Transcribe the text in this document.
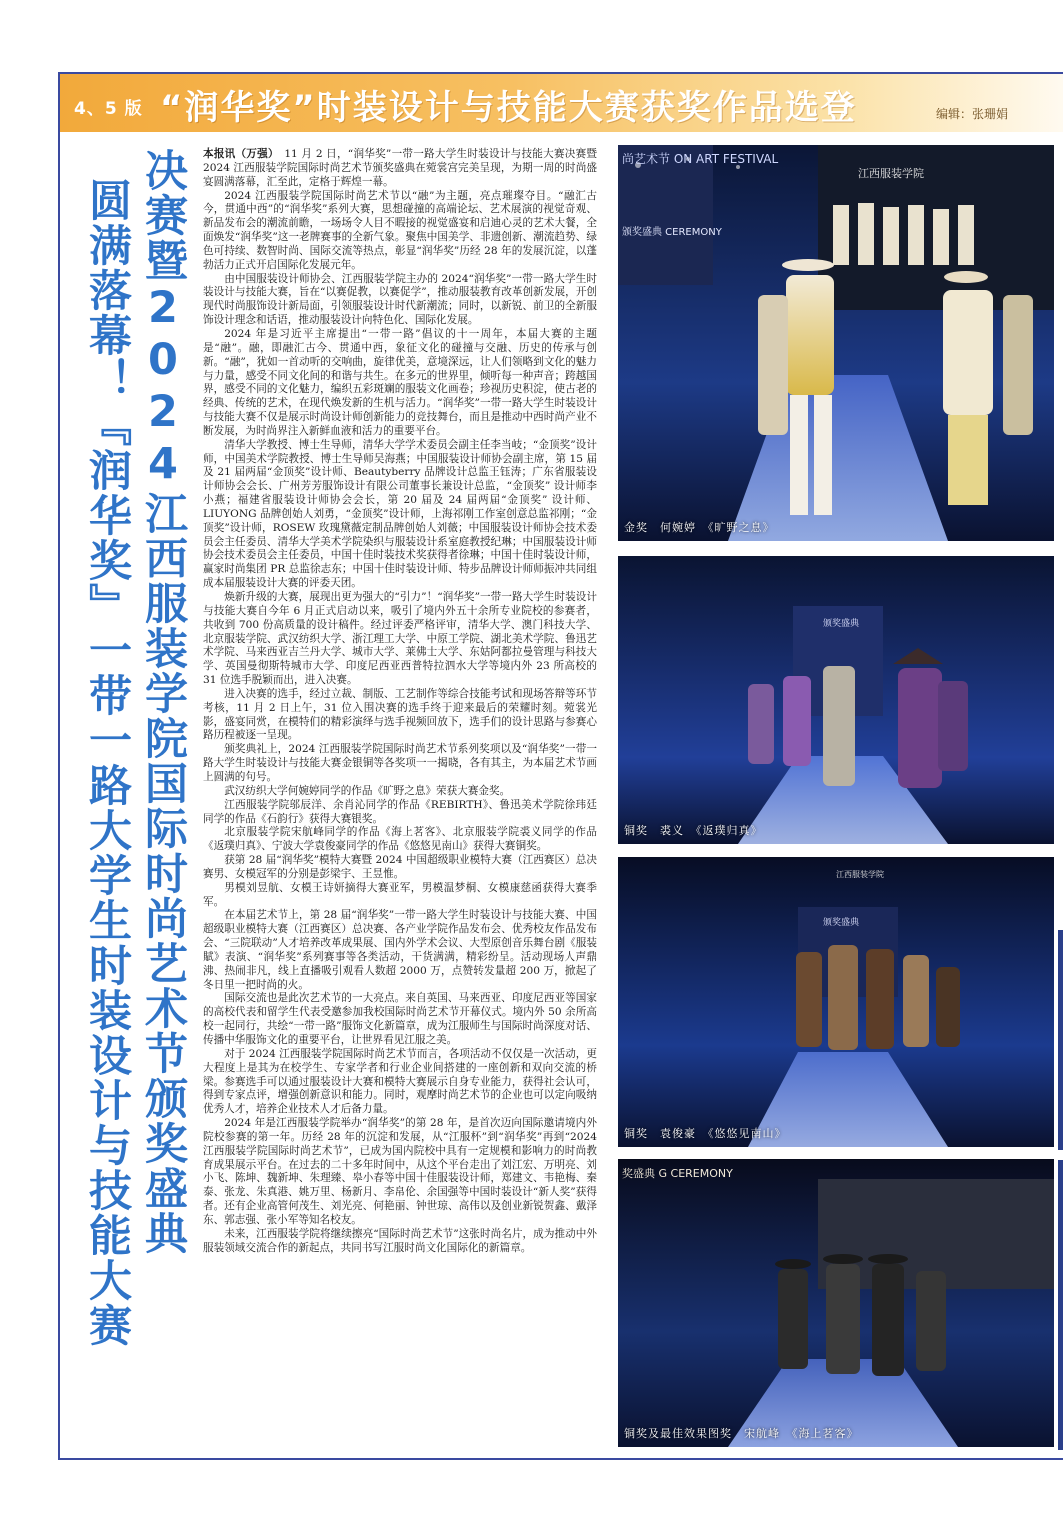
4、5 版 “润华奖”时装设计与技能大赛获奖作品选登	编辑：张珊娟
决赛暨2024江西服装学院国际时尚艺术节颁奖盛典
圆满落幕！『润华奖』一带一路大学生时装设计与技能大赛

本报讯（万强）　 11 月 2 日，“润华奖”一带一路大学生时装设计与技能大赛决赛暨 2024 江西服装学院国际时尚艺术节颁奖盛典在菀裳宫完美呈现，为期一周的时尚盛宴圆满落幕，汇至此，定格于辉煌一幕。

2024 江西服装学院国际时尚艺术节以“融”为主题，亮点璀璨夺目。“融汇古今，贯通中西”的“润华奖”系列大赛，思想碰撞的高端论坛、艺术展演的视觉奇观、新品发布会的潮流前瞻，一场场令人目不暇接的视觉盛宴和启迪心灵的艺术大餐，全面焕发“润华奖”这一老牌赛事的全新气象。聚焦中国美学、非遗创新、潮流趋势、绿色可持续、数智时尚、国际交流等热点，彰显“润华奖”历经 28 年的发展沉淀，以蓬勃活力正式开启国际化发展元年。

由中国服装设计师协会、江西服装学院主办的 2024“润华奖”一带一路大学生时装设计与技能大赛，旨在“以赛促教，以赛促学”，推动服装教育改革创新发展，开创现代时尚服饰设计新局面，引领服装设计时代新潮流；同时，以新锐、前卫的全新服饰设计理念和话语，推动服装设计向特色化、国际化发展。

2024 年是习近平主席提出“一带一路”倡议的十一周年，本届大赛的主题是“融”。融，即融汇古今、贯通中西，象征文化的碰撞与交融、历史的传承与创新。“融”，犹如一首动听的交响曲，旋律优美，意境深远，让人们领略到文化的魅力与力量，感受不同文化间的和谐与共生。在多元的世界里，倾听每一种声音；跨越国界，感受不同的文化魅力，编织五彩斑斓的服装文化画卷；珍视历史积淀，使古老的经典、传统的艺术，在现代焕发新的生机与活力。“润华奖”一带一路大学生时装设计与技能大赛不仅是展示时尚设计师创新能力的竞技舞台，而且是推动中西时尚产业不断发展，为时尚界注入新鲜血液和活力的重要平台。

清华大学教授、博士生导师，清华大学学术委员会副主任李当岐；“金顶奖”设计师，中国美术学院教授、博士生导师吴海燕；中国服装设计师协会副主席，第 15 届及 21 届两届“金顶奖”设计师、Beautyberry 品牌设计总监王钰涛；广东省服装设计师协会会长、广州芳芳服饰设计有限公司董事长兼设计总监，“金顶奖” 设计师李小燕；福建省服装设计师协会会长，第 20 届及 24 届两届“金顶奖” 设计师、LIUYONG 品牌创始人刘勇，“金顶奖”设计师，上海祁刚工作室创意总监祁刚；“金顶奖”设计师，ROSEW 玫瑰黛薇定制品牌创始人刘薇；中国服装设计师协会技术委员会主任委员、清华大学美术学院染织与服装设计系室庭教授纪琳；中国服装设计师协会技术委员会主任委员，中国十佳时装技术奖获得者徐琳；中国十佳时装设计师，赢家时尚集团 PR 总监徐志东；中国十佳时装设计师、特步品牌设计师师振冲共同组成本届服装设计大赛的评委天团。

焕新升级的大赛，展现出更为强大的“引力”！“润华奖”一带一路大学生时装设计与技能大赛自今年 6 月正式启动以来，吸引了境内外五十余所专业院校的参赛者，共收到 700 份高质量的设计稿件。经过评委严格评审，清华大学、澳门科技大学、北京服装学院、武汉纺织大学、浙江理工大学、中原工学院、湖北美术学院、鲁迅艺术学院、马来西亚吉兰丹大学、城市大学、莱佛士大学、东姑阿都拉曼管理与科技大学、英国曼彻斯特城市大学、印度尼西亚西普特拉泗水大学等境内外 23 所高校的 31 位选手脱颖而出，进入决赛。

进入决赛的选手，经过立裁、制版、工艺制作等综合技能考试和现场答辩等环节考核，11 月 2 日上午，31 位入围决赛的选手终于迎来最后的荣耀时刻。菀裳光影，盛宴同赏，在模特们的精彩演绎与选手视频回放下，选手们的设计思路与参赛心路历程被逐一呈现。

颁奖典礼上，2024 江西服装学院国际时尚艺术节系列奖项以及“润华奖”一带一路大学生时装设计与技能大赛金银铜等各奖项一一揭晓，各有其主，为本届艺术节画上圆满的句号。

武汉纺织大学何婉婷同学的作品《旷野之息》荣获大赛金奖。

江西服装学院邬辰洋、余肖沁同学的作品《REBIRTH》、鲁迅美术学院徐玮廷同学的作品《石韵行》获得大赛银奖。

北京服装学院宋航峰同学的作品《海上茗客》、北京服装学院裘义同学的作品《返璞归真》、宁波大学袁俊豪同学的作品《悠悠见南山》获得大赛铜奖。

获第 28 届“润华奖”模特大赛暨 2024 中国超级职业模特大赛（江西赛区）总决赛男、女模冠军的分别是彭梁宇、王昱惟。

男模刘昱航、女模王诗妍摘得大赛亚军，男模温梦桐、女模康慈函获得大赛季军。

在本届艺术节上，第 28 届“润华奖”一带一路大学生时装设计与技能大赛、中国超级职业模特大赛（江西赛区）总决赛、各产业学院作品发布会、优秀校友作品发布会、“三院联动”人才培养改革成果展、国内外学术会议、大型原创音乐舞台剧《服装賦》表演、“润华奖”系列赛事等各类活动，干货满满，精彩纷呈。活动现场人声鼎沸、热闹非凡，线上直播吸引观看人数超 2000 万，点赞转发量超 200 万，掀起了冬日里一把时尚的火。

国际交流也是此次艺术节的一大亮点。来自英国、马来西亚、印度尼西亚等国家的高校代表和留学生代表受邀参加我校国际时尚艺术节开幕仪式。境内外 50 余所高校一起同行，共绘“一带一路”服饰文化新篇章，成为江服师生与国际时尚深度对话、传播中华服饰文化的重要平台，让世界看见江服之美。

对于 2024 江西服装学院国际时尚艺术节而言，各项活动不仅仅是一次活动，更大程度上是其为在校学生、专家学者和行业企业间搭建的一座创新和双向交流的桥梁。参赛选手可以通过服装设计大赛和模特大赛展示自身专业能力，获得社会认可，得到专家点评，增强创新意识和能力。同时，观摩时尚艺术节的企业也可以定向吸纳优秀人才，培养企业技术人才后备力量。

2024 年是江西服装学院举办“润华奖”的第 28 年，是首次迈向国际邀请境内外院校参赛的第一年。历经 28 年的沉淀和发展，从“江服杯”到“润华奖”再到“2024 江西服装学院国际时尚艺术节”，已成为国内院校中具有一定规模和影响力的时尚教育成果展示平台。在过去的二十多年时间中，从这个平台走出了刘江宏、万明亮、刘小飞、陈坤、魏新坤、朱理臻、皋小春等中国十佳服装设计师，郑建文、韦艳梅、秦泰、张龙、朱真港、姚万里、杨新月、李帛伦、余国强等中国时装设计“新人奖”获得者。还有企业高管何茂生、刘光亮、何艳丽、钟世琼、高伟以及创业新锐贺鑫、戴泽东、郭志强、张小军等知名校友。

未来，江西服装学院将继续擦亮“国际时尚艺术节”这张时尚名片，成为推动中外服装领域交流合作的新起点，共同书写江服时尚文化国际化的新篇章。

江西服装学院
尚艺术节 ON ART FESTIVAL
颁奖盛典 CEREMONY
金奖　何婉婷　《旷野之息》
颁奖盛典
铜奖　裘义　《返璞归真》
颁奖盛典
江西服装学院
铜奖　袁俊豪　《悠悠见南山》
奖盛典 G CEREMONY
铜奖及最佳效果图奖　宋航峰　《海上茗客》
